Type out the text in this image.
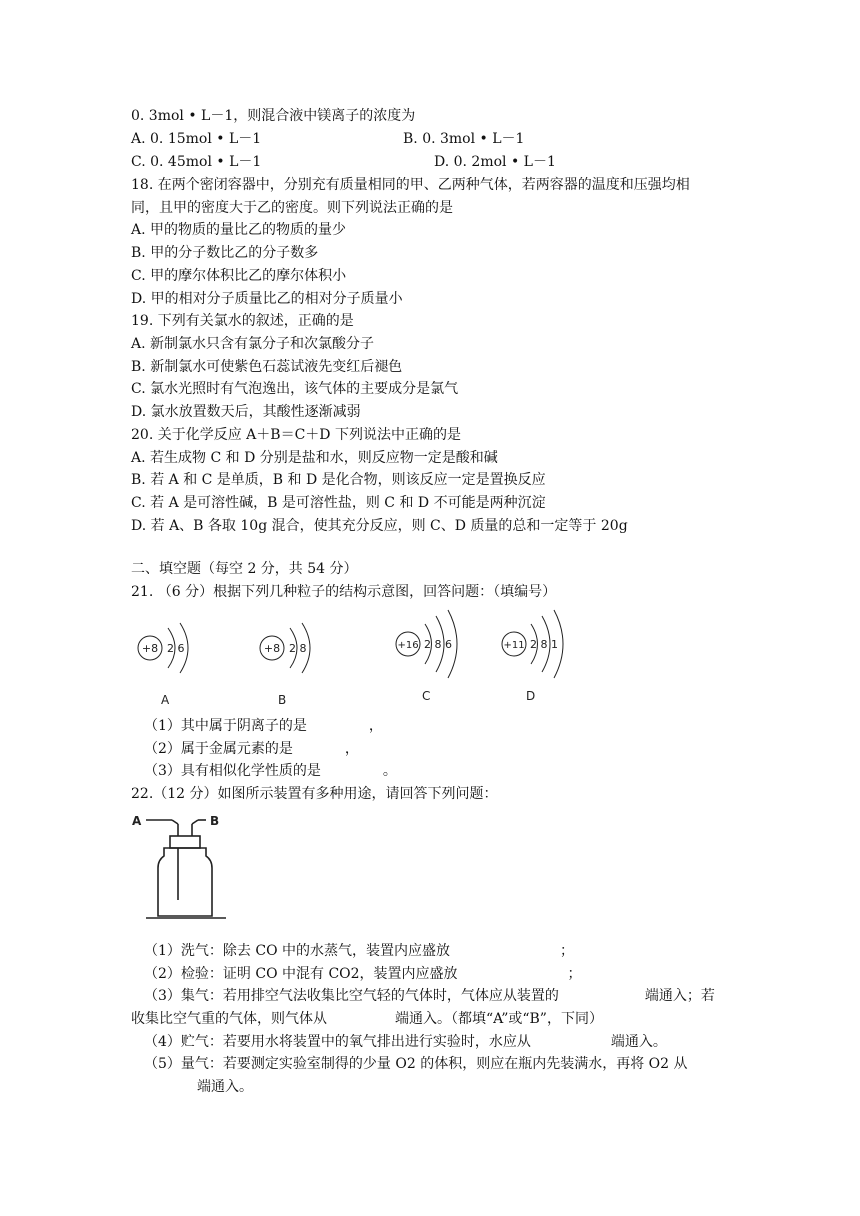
0. 3mol • L－1，则混合液中镁离子的浓度为
A. 0. 15mol • L－1	B. 0. 3mol • L－1
C. 0. 45mol • L－1	D. 0. 2mol • L－1
18. 在两个密闭容器中，分别充有质量相同的甲、乙两种气体，若两容器的温度和压强均相
同，且甲的密度大于乙的密度。则下列说法正确的是
A. 甲的物质的量比乙的物质的量少
B. 甲的分子数比乙的分子数多
C. 甲的摩尔体积比乙的摩尔体积小
D. 甲的相对分子质量比乙的相对分子质量小
19. 下列有关氯水的叙述，正确的是
A. 新制氯水只含有氯分子和次氯酸分子
B. 新制氯水可使紫色石蕊试液先变红后褪色
C. 氯水光照时有气泡逸出，该气体的主要成分是氯气
D. 氯水放置数天后，其酸性逐渐减弱
20. 关于化学反应 A＋B＝C＋D 下列说法中正确的是
A. 若生成物 C 和 D 分别是盐和水，则反应物一定是酸和碱
B. 若 A 和 C 是单质，B 和 D 是化合物，则该反应一定是置换反应
C. 若 A 是可溶性碱，B 是可溶性盐，则 C 和 D 不可能是两种沉淀
D. 若 A、B 各取 10g 混合，使其充分反应，则 C、D 质量的总和一定等于 20g
二、填空题（每空 2 分，共 54 分）
21. （6 分）根据下列几种粒子的结构示意图，回答问题：（填编号）
+8 2 6
A
+8 2 8
B
+16 2 8 6
C
+11 2 8 1
D
（1）其中属于阴离子的是	，
（2）属于金属元素的是	，
（3）具有相似化学性质的是	。
22.（12 分）如图所示装置有多种用途，请回答下列问题：
A	B
（1）洗气：除去 CO 中的水蒸气，装置内应盛放	；
（2）检验：证明 CO 中混有 CO2，装置内应盛放	；
（3）集气：若用排空气法收集比空气轻的气体时，气体应从装置的	端通入；若
收集比空气重的气体，则气体从	端通入。（都填“A”或“B”，下同）
（4）贮气：若要用水将装置中的氧气排出进行实验时，水应从	端通入。
（5）量气：若要测定实验室制得的少量 O2 的体积，则应在瓶内先装满水，再将 O2 从
端通入。
